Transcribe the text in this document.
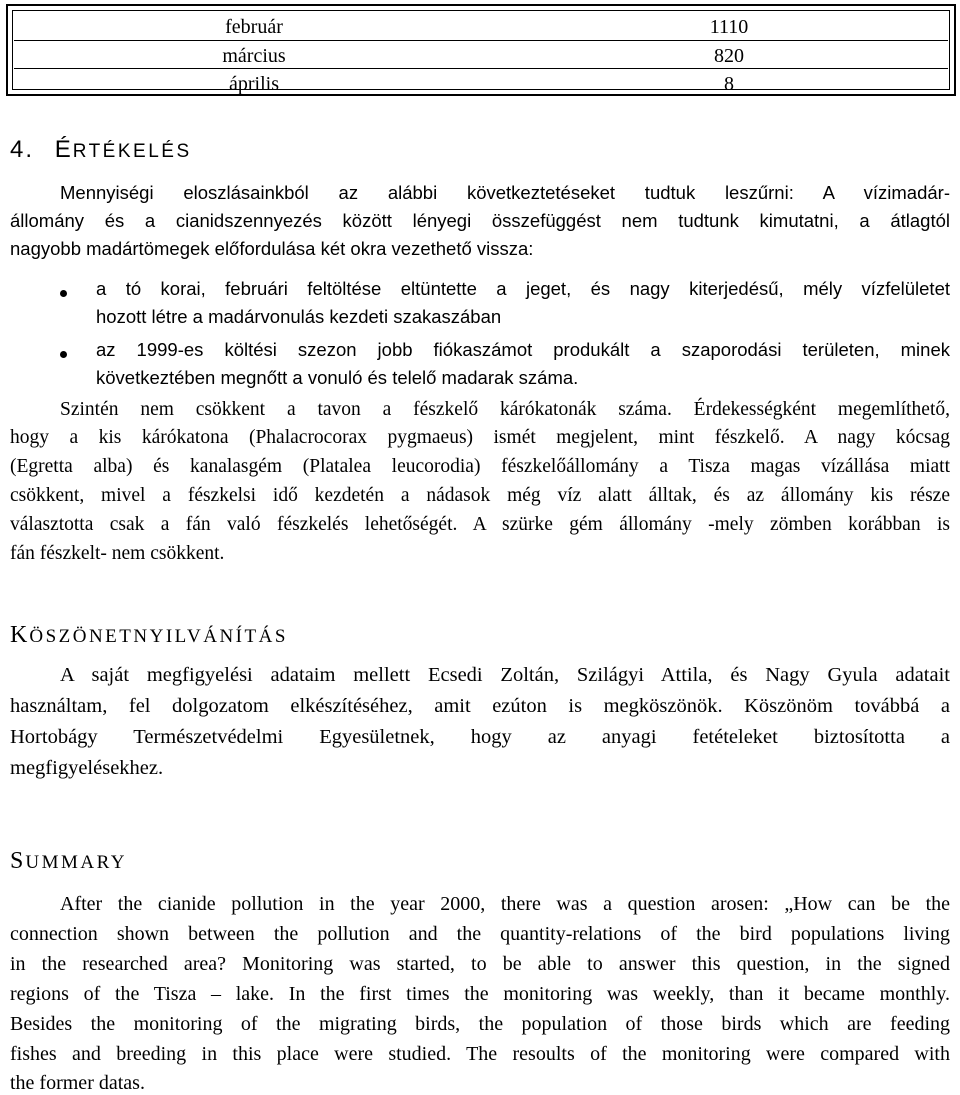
február	1110
március	820
április	8
4. ÉRTÉKELÉS
Mennyiségi eloszlásainkból az alábbi következtetéseket tudtuk leszűrni: A vízimadár-
állomány és a cianidszennyezés között lényegi összefüggést nem tudtunk kimutatni, a átlagtól
nagyobb madártömegek előfordulása két okra vezethető vissza:
a tó korai, februári feltöltése eltüntette a jeget, és nagy kiterjedésű, mély vízfelületet
hozott létre a madárvonulás kezdeti szakaszában
az 1999-es költési szezon jobb fiókaszámot produkált a szaporodási területen, minek
következtében megnőtt a vonuló és telelő madarak száma.
Szintén nem csökkent a tavon a fészkelő kárókatonák száma. Érdekességként megemlíthető,
hogy a kis kárókatona (Phalacrocorax pygmaeus) ismét megjelent, mint fészkelő. A nagy kócsag
(Egretta alba) és kanalasgém (Platalea leucorodia) fészkelőállomány a Tisza magas vízállása miatt
csökkent, mivel a fészkelsi idő kezdetén a nádasok még víz alatt álltak, és az állomány kis része
választotta csak a fán való fészkelés lehetőségét. A szürke gém állomány -mely zömben korábban is
fán fészkelt- nem csökkent.
KÖSZÖNETNYILVÁNÍTÁS
A saját megfigyelési adataim mellett Ecsedi Zoltán, Szilágyi Attila, és Nagy Gyula adatait
használtam, fel dolgozatom elkészítéséhez, amit ezúton is megköszönök. Köszönöm továbbá a
Hortobágy Természetvédelmi Egyesületnek, hogy az anyagi fetételeket biztosította a
megfigyelésekhez.
SUMMARY
After the cianide pollution in the year 2000, there was a question arosen: „How can be the
connection shown between the pollution and the quantity-relations of the bird populations living
in the researched area? Monitoring was started, to be able to answer this question, in the signed
regions of the Tisza – lake. In the first times the monitoring was weekly, than it became monthly.
Besides the monitoring of the migrating birds, the population of those birds which are feeding
fishes and breeding in this place were studied. The resoults of the monitoring were compared with
the former datas.
